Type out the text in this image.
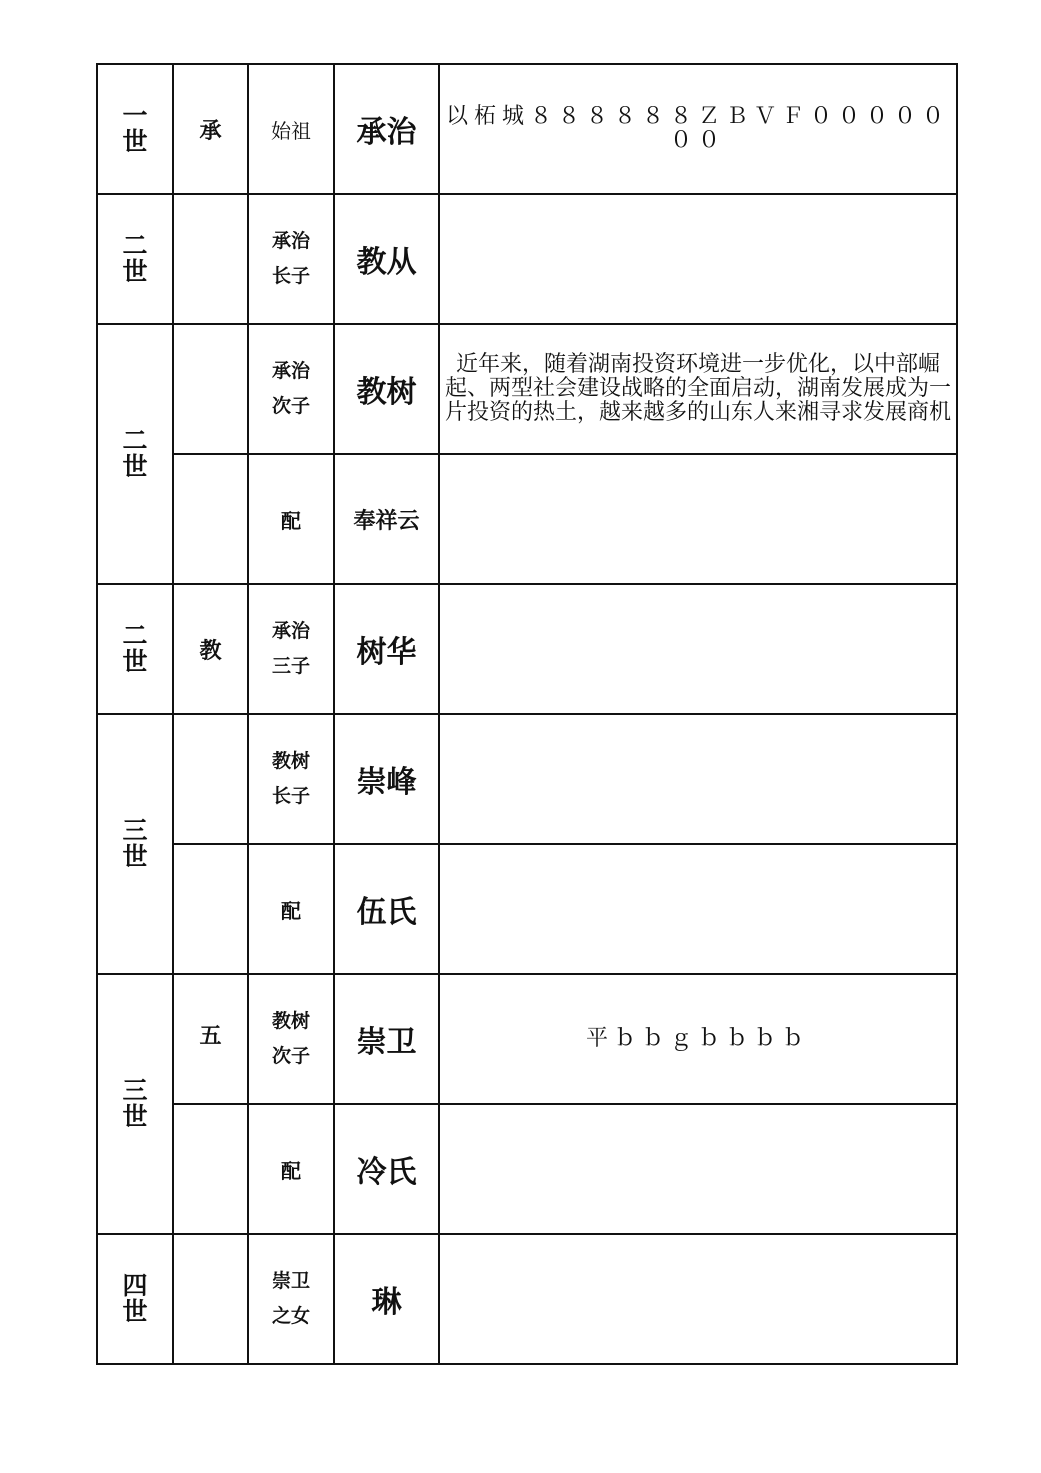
一世	承	始祖	承治	以柘城８８８８８８ＺＢＶＦ０００００００
二世		承治长子	教从	
二世		承治次子	教树	近年来，随着湖南投资环境进一步优化，以中部崛起、两型社会建设战略的全面启动，湖南发展成为一片投资的热土，越来越多的山东人来湘寻求发展商机
		配	奉祥云	
二世	教	承治三子	树华	
三世		教树长子	崇峰	
		配	伍氏	
三世	五	教树次子	崇卫	平ｂｂｇｂｂｂｂ
		配	冷氏	
四世		崇卫之女	琳	
